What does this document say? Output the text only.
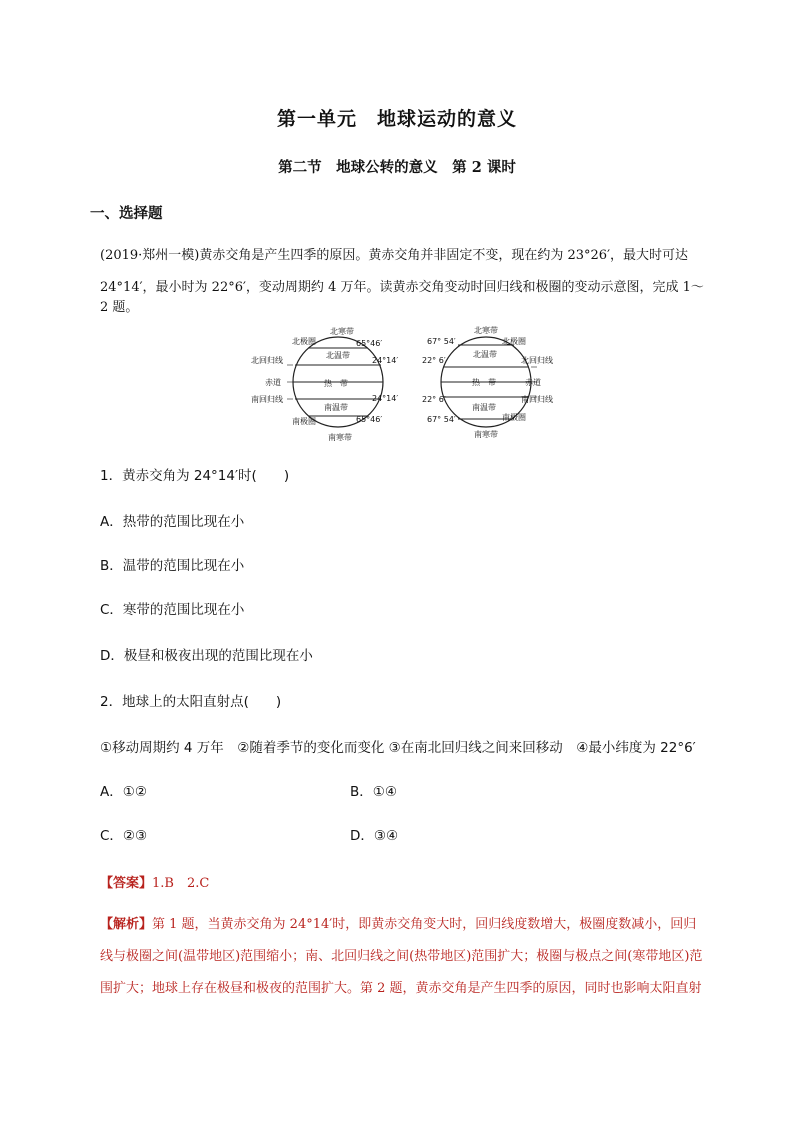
第一单元　地球运动的意义
第二节　地球公转的意义　第 2 课时
一、选择题
(2019·郑州一模)黄赤交角是产生四季的原因。黄赤交角并非固定不变，现在约为 23°26′，最大时可达
24°14′，最小时为 22°6′，变动周期约 4 万年。读黄赤交角变动时回归线和极圈的变动示意图，完成 1～2 题。
北寒带
北极圈	65°46′
北温带
北回归线	24°14′
赤道	热　带
南回归线	24°14′
南温带
南极圈	65°46′
南寒带
北寒带
67° 54′	北极圈
北温带
22° 6′	北回归线
热　带	赤道
22° 6′	南回归线
南温带
67° 54′	南极圈
南寒带
1．黄赤交角为 24°14′时(　　)
A．热带的范围比现在小
B．温带的范围比现在小
C．寒带的范围比现在小
D．极昼和极夜出现的范围比现在小
2．地球上的太阳直射点(　　)
①移动周期约 4 万年　②随着季节的变化而变化 ③在南北回归线之间来回移动　④最小纬度为 22°6′
A．①②	B．①④
C．②③	D．③④
【答案】1.B　2.C
【解析】第 1 题，当黄赤交角为 24°14′时，即黄赤交角变大时，回归线度数增大，极圈度数减小，回归
线与极圈之间(温带地区)范围缩小；南、北回归线之间(热带地区)范围扩大；极圈与极点之间(寒带地区)范
围扩大；地球上存在极昼和极夜的范围扩大。第 2 题，黄赤交角是产生四季的原因，同时也影响太阳直射
